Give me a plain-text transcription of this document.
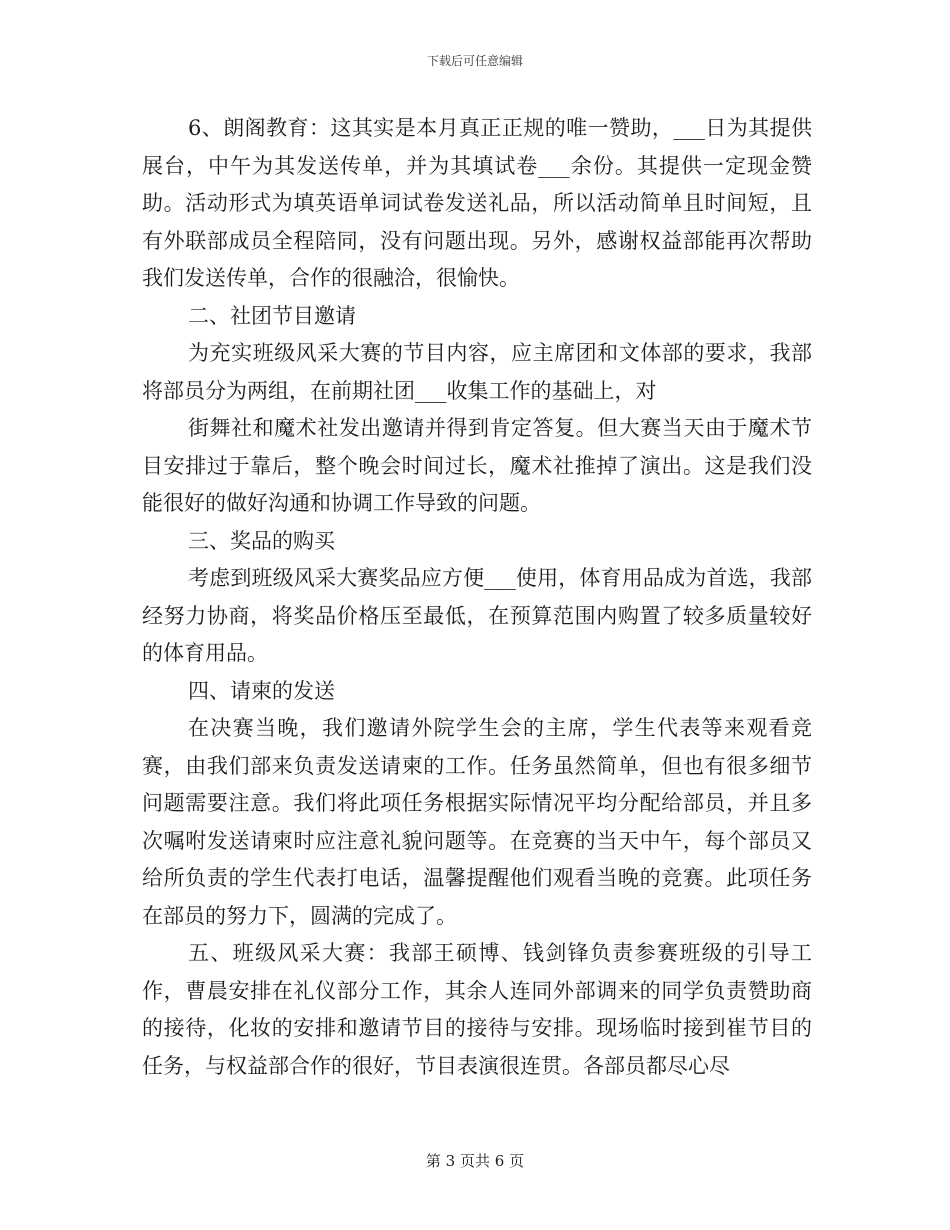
下载后可任意编辑

6、朗阁教育：这其实是本月真正正规的唯一赞助，___日为其提供展台，中午为其发送传单，并为其填试卷___余份。其提供一定现金赞助。活动形式为填英语单词试卷发送礼品，所以活动简单且时间短，且有外联部成员全程陪同，没有问题出现。另外，感谢权益部能再次帮助我们发送传单，合作的很融洽，很愉快。

二、社团节目邀请

为充实班级风采大赛的节目内容，应主席团和文体部的要求，我部将部员分为两组，在前期社团___收集工作的基础上，对

街舞社和魔术社发出邀请并得到肯定答复。但大赛当天由于魔术节目安排过于靠后，整个晚会时间过长，魔术社推掉了演出。这是我们没能很好的做好沟通和协调工作导致的问题。

三、奖品的购买

考虑到班级风采大赛奖品应方便___使用，体育用品成为首选，我部经努力协商，将奖品价格压至最低，在预算范围内购置了较多质量较好的体育用品。

四、请柬的发送

在决赛当晚，我们邀请外院学生会的主席，学生代表等来观看竞赛，由我们部来负责发送请柬的工作。任务虽然简单，但也有很多细节问题需要注意。我们将此项任务根据实际情况平均分配给部员，并且多次嘱咐发送请柬时应注意礼貌问题等。在竞赛的当天中午，每个部员又给所负责的学生代表打电话，温馨提醒他们观看当晚的竞赛。此项任务在部员的努力下，圆满的完成了。

五、班级风采大赛：我部王硕博、钱剑锋负责参赛班级的引导工作，曹晨安排在礼仪部分工作，其余人连同外部调来的同学负责赞助商的接待，化妆的安排和邀请节目的接待与安排。现场临时接到崔节目的任务，与权益部合作的很好，节目表演很连贯。各部员都尽心尽

第 3 页共 6 页
